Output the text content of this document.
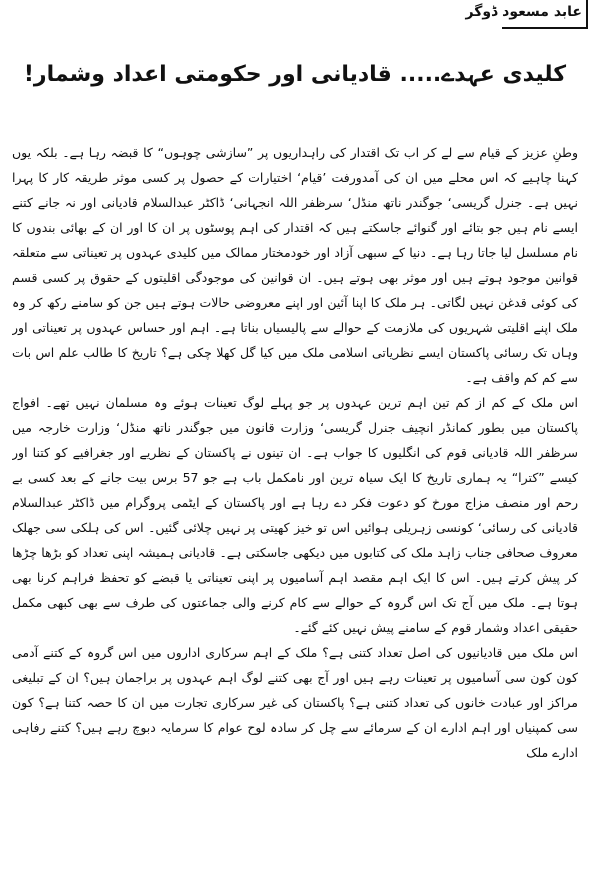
عابد مسعود ڈوگر
کلیدی عہدے..... قادیانی اور حکومتی اعداد وشمار!

وطنِ عزیز کے قیام سے لے کر اب تک اقتدار کی راہداریوں پر ”سازشی چوہوں“ کا قبضہ رہا ہے۔ بلکہ یوں کہنا چاہیے کہ اس محلے میں ان کی آمدورفت ’قیام‘ اختیارات کے حصول پر کسی موثر طریقہ کار کا پہرا نہیں ہے۔ جنرل گریسی‘ جوگندر ناتھ منڈل‘ سرظفر اللہ انجہانی‘ ڈاکٹر عبدالسلام قادیانی اور نہ جانے کتنے ایسے نام ہیں جو بتائے اور گنوائے جاسکتے ہیں کہ اقتدار کی اہم پوسٹوں پر ان کا اور ان کے بھائی بندوں کا نام مسلسل لیا جاتا رہا ہے۔ دنیا کے سبھی آزاد اور خودمختار ممالک میں کلیدی عہدوں پر تعیناتی سے متعلقہ قوانین موجود ہوتے ہیں اور موثر بھی ہوتے ہیں۔ ان قوانین کی موجودگی اقلیتوں کے حقوق پر کسی قسم کی کوئی قدغن نہیں لگاتی۔ ہر ملک کا اپنا آئین اور اپنے معروضی حالات ہوتے ہیں جن کو سامنے رکھ کر وہ ملک اپنے اقلیتی شہریوں کی ملازمت کے حوالے سے پالیسیاں بناتا ہے۔ اہم اور حساس عہدوں پر تعیناتی اور وہاں تک رسائی پاکستان ایسے نظریاتی اسلامی ملک میں کیا گل کھلا چکی ہے؟ تاریخ کا طالب علم اس بات سے کم کم واقف ہے۔

اس ملک کے کم از کم تین اہم ترین عہدوں پر جو پہلے لوگ تعینات ہوئے وہ مسلمان نہیں تھے۔ افواج پاکستان میں بطور کمانڈر انچیف جنرل گریسی‘ وزارت قانون میں جوگندر ناتھ منڈل‘ وزارت خارجہ میں سرظفر اللہ قادیانی قوم کی انگلیوں کا جواب ہے۔ ان تینوں نے پاکستان کے نظریے اور جغرافیے کو کتنا اور کیسے ”کترا“ یہ ہماری تاریخ کا ایک سیاہ ترین اور نامکمل باب ہے جو 57 برس بیت جانے کے بعد کسی بے رحم اور منصف مزاج مورخ کو دعوت فکر دے رہا ہے اور پاکستان کے ایٹمی پروگرام میں ڈاکٹر عبدالسلام قادیانی کی رسائی‘ کونسی زہریلی ہوائیں اس تو خیز کھیتی پر نہیں چلائی گئیں۔ اس کی ہلکی سی جھلک معروف صحافی جناب زاہد ملک کی کتابوں میں دیکھی جاسکتی ہے۔ قادیانی ہمیشہ اپنی تعداد کو بڑھا چڑھا کر پیش کرتے ہیں۔ اس کا ایک اہم مقصد اہم آسامیوں پر اپنی تعیناتی یا قبضے کو تحفظ فراہم کرنا بھی ہوتا ہے۔ ملک میں آج تک اس گروہ کے حوالے سے کام کرنے والی جماعتوں کی طرف سے بھی کبھی مکمل حقیقی اعداد وشمار قوم کے سامنے پیش نہیں کئے گئے۔

اس ملک میں قادیانیوں کی اصل تعداد کتنی ہے؟ ملک کے اہم سرکاری اداروں میں اس گروہ کے کتنے آدمی کون کون سی آسامیوں پر تعینات رہے ہیں اور آج بھی کتنے لوگ اہم عہدوں پر براجمان ہیں؟ ان کے تبلیغی مراکز اور عبادت خانوں کی تعداد کتنی ہے؟ پاکستان کی غیر سرکاری تجارت میں ان کا حصہ کتنا ہے؟ کون سی کمپنیاں اور اہم ادارے ان کے سرمائے سے چل کر سادہ لوح عوام کا سرمایہ دبوچ رہے ہیں؟ کتنے رفاہی ادارے ملک
